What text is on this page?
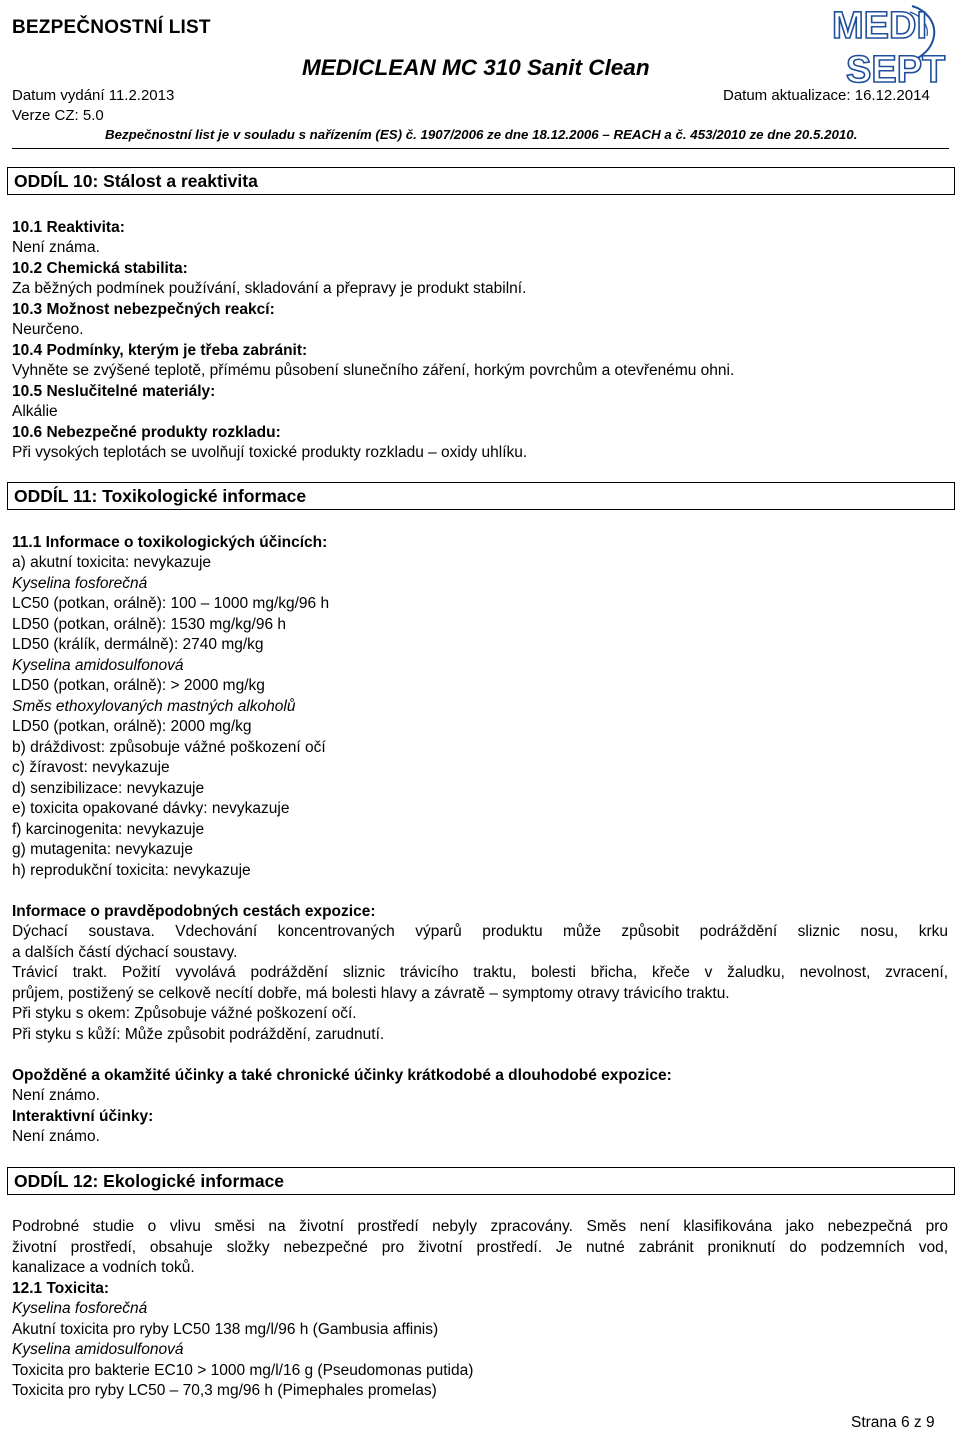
BEZPEČNOSTNÍ LIST
MEDICLEAN MC 310 Sanit Clean
Datum vydání 11.2.2013	Datum aktualizace: 16.12.2014
Verze CZ: 5.0
Bezpečnostní list je v souladu s nařízením (ES) č. 1907/2006 ze dne 18.12.2006 – REACH a č. 453/2010 ze dne 20.5.2010.
MEDI
SEPT
ODDÍL 10: Stálost a reaktivita
10.1 Reaktivita:
Není známa.
10.2 Chemická stabilita:
Za běžných podmínek používání, skladování a přepravy je produkt stabilní.
10.3 Možnost nebezpečných reakcí:
Neurčeno.
10.4 Podmínky, kterým je třeba zabránit:
Vyhněte se zvýšené teplotě, přímému působení slunečního záření, horkým povrchům a otevřenému ohni.
10.5 Neslučitelné materiály:
Alkálie
10.6 Nebezpečné produkty rozkladu:
Při vysokých teplotách se uvolňují toxické produkty rozkladu – oxidy uhlíku.
ODDÍL 11: Toxikologické informace
11.1 Informace o toxikologických účincích:
a) akutní toxicita: nevykazuje
Kyselina fosforečná
LC50 (potkan, orálně): 100 – 1000 mg/kg/96 h
LD50 (potkan, orálně): 1530 mg/kg/96 h
LD50 (králík, dermálně): 2740 mg/kg
Kyselina amidosulfonová
LD50 (potkan, orálně): > 2000 mg/kg
Směs ethoxylovaných mastných alkoholů
LD50 (potkan, orálně): 2000 mg/kg
b) dráždivost: způsobuje vážné poškození očí
c) žíravost: nevykazuje
d) senzibilizace: nevykazuje
e) toxicita opakované dávky: nevykazuje
f) karcinogenita: nevykazuje
g) mutagenita: nevykazuje
h) reprodukční toxicita: nevykazuje
Informace o pravděpodobných cestách expozice:
Dýchací soustava. Vdechování koncentrovaných výparů produktu může způsobit podráždění sliznic nosu, krku
a dalších částí dýchací soustavy.
Trávicí trakt. Požití vyvolává podráždění sliznic trávicího traktu, bolesti břicha, křeče v žaludku, nevolnost, zvracení,
průjem, postižený se celkově necítí dobře, má bolesti hlavy a závratě – symptomy otravy trávicího traktu.
Při styku s okem: Způsobuje vážné poškození očí.
Při styku s kůží: Může způsobit podráždění, zarudnutí.
Opožděné a okamžité účinky a také chronické účinky krátkodobé a dlouhodobé expozice:
Není známo.
Interaktivní účinky:
Není známo.
ODDÍL 12: Ekologické informace
Podrobné studie o vlivu směsi na životní prostředí nebyly zpracovány. Směs není klasifikována jako nebezpečná pro
životní prostředí, obsahuje složky nebezpečné pro životní prostředí. Je nutné zabránit proniknutí do podzemních vod,
kanalizace a vodních toků.
12.1 Toxicita:
Kyselina fosforečná
Akutní toxicita pro ryby LC50 138 mg/l/96 h (Gambusia affinis)
Kyselina amidosulfonová
Toxicita pro bakterie EC10 > 1000 mg/l/16 g (Pseudomonas putida)
Toxicita pro ryby LC50 – 70,3 mg/96 h (Pimephales promelas)
Strana 6 z 9
